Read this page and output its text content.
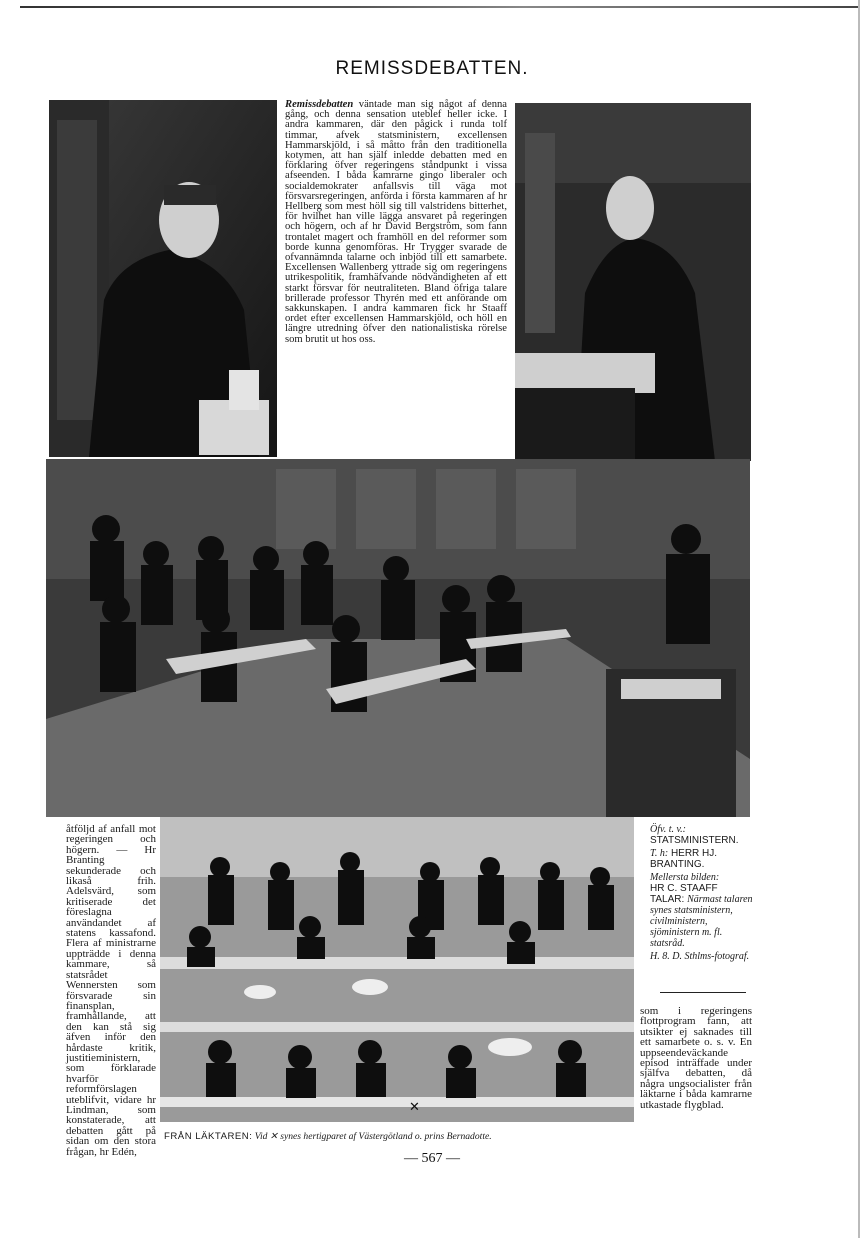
REMISSDEBATTEN.
Remissdebatten väntade man sig något af denna gång, och denna sensation uteblef heller icke. I andra kammaren, där den pågick i runda tolf timmar, afvek statsministern, excellensen Hammarskjöld, i så måtto från den traditionella kotymen, att han själf inledde debatten med en förklaring öfver regeringens ståndpunkt i vissa afseenden. I båda kamrarne gingo liberaler och socialdemokrater anfallsvis till väga mot försvarsregeringen, anförda i första kammaren af hr Hellberg som mest höll sig till valstridens bitterhet, för hvilhet han ville lägga ansvaret på regeringen och högern, och af hr David Bergström, som fann trontalet magert och framhöll en del reformer som borde kunna genomföras. Hr Trygger svarade de ofvannämnda talarne och inbjöd till ett samarbete. Excellensen Wallenberg yttrade sig om regeringens utrikespolitik, framhäfvande nödvändigheten af ett starkt försvar för neutraliteten. Bland öfriga talare brillerade professor Thyrén med ett anförande om sakkunskapen. I andra kammaren fick hr Staaff ordet efter excellensen Hammarskjöld, och höll en längre utredning öfver den nationalistiska rörelse som brutit ut hos oss.
åtföljd af anfall mot regeringen och högern. — Hr Branting sekunderade och likaså frih. Adelsvärd, som kritiserade det föreslagna användandet af statens kassafond. Flera af ministrarne uppträdde i denna kammare, så statsrådet Wennersten som försvarade sin finansplan, framhållande, att den kan stå sig äfven inför den hårdaste kritik, justitieministern, som förklarade hvarför reformförslagen uteblifvit, vidare hr Lindman, som konstaterade, att debatten gått på sidan om den stora frågan, hr Edén,
✕
Öfv. t. v.: STATSMINISTERN.
T. h: HERR HJ. BRANTING.
Mellersta bilden:
HR C. STAAFF TALAR: Närmast talaren synes statsministern, civilministern, sjöministern m. fl. statsråd.
H. 8. D. Sthlms-fotograf.
som i regeringens flottprogram fann, att utsikter ej saknades till ett samarbete o. s. v. En uppseendeväckande episod inträffade under själfva debatten, då några ungsocialister från läktarne i båda kamrarne utkastade flygblad.
FRÅN LÄKTAREN: Vid ✕ synes hertigparet af Västergötland o. prins Bernadotte.
— 567 —
